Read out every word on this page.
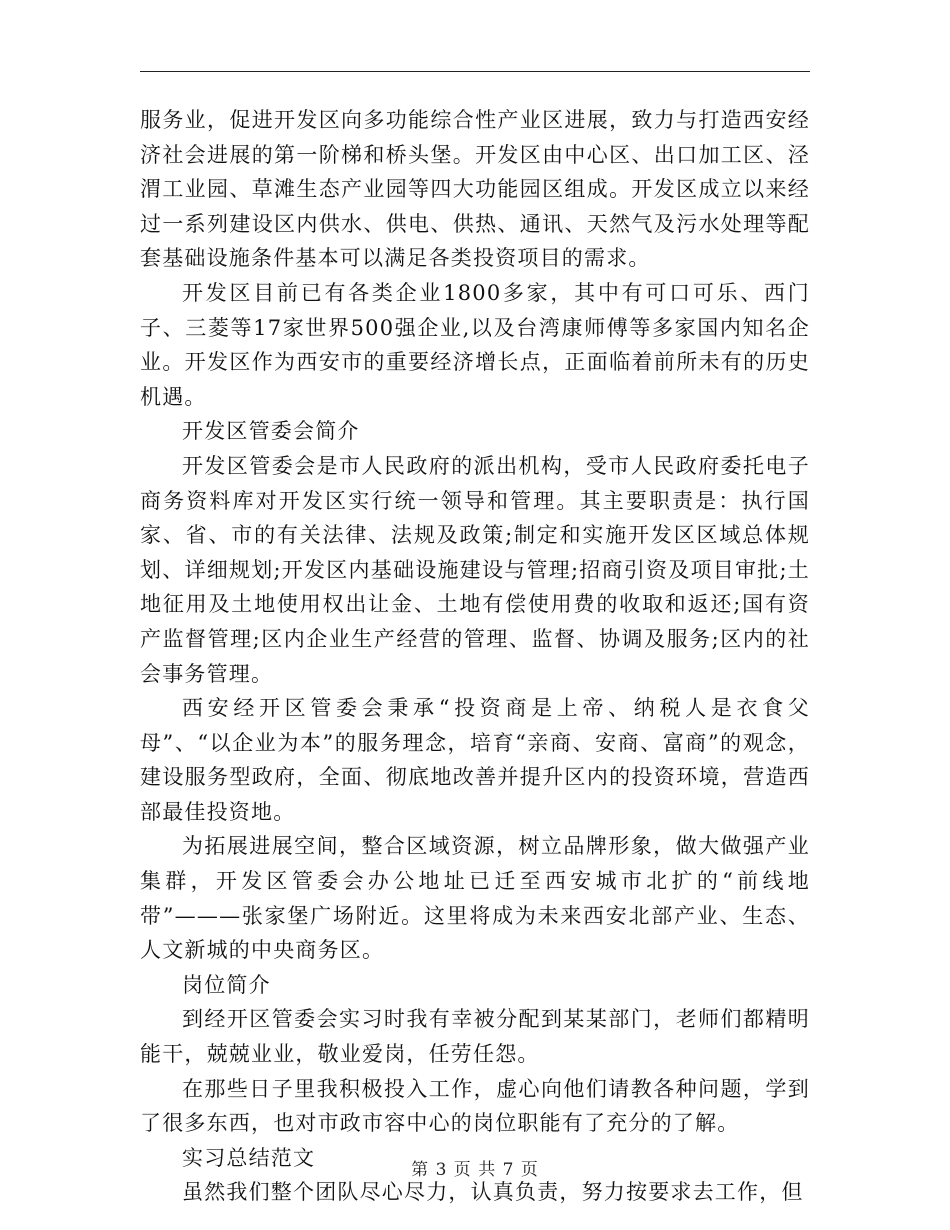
服务业，促进开发区向多功能综合性产业区进展，致力与打造西安经济社会进展的第一阶梯和桥头堡。开发区由中心区、出口加工区、泾渭工业园、草滩生态产业园等四大功能园区组成。开发区成立以来经过一系列建设区内供水、供电、供热、通讯、天然气及污水处理等配套基础设施条件基本可以满足各类投资项目的需求。

开发区目前已有各类企业1800多家，其中有可口可乐、西门子、三菱等17家世界500强企业,以及台湾康师傅等多家国内知名企业。开发区作为西安市的重要经济增长点，正面临着前所未有的历史机遇。

开发区管委会简介

开发区管委会是市人民政府的派出机构，受市人民政府委托电子商务资料库对开发区实行统一领导和管理。其主要职责是：执行国家、省、市的有关法律、法规及政策;制定和实施开发区区域总体规划、详细规划;开发区内基础设施建设与管理;招商引资及项目审批;土地征用及土地使用权出让金、土地有偿使用费的收取和返还;国有资产监督管理;区内企业生产经营的管理、监督、协调及服务;区内的社会事务管理。

西安经开区管委会秉承“投资商是上帝、纳税人是衣食父母”、“以企业为本”的服务理念，培育“亲商、安商、富商”的观念，建设服务型政府，全面、彻底地改善并提升区内的投资环境，营造西部最佳投资地。

为拓展进展空间，整合区域资源，树立品牌形象，做大做强产业集群，开发区管委会办公地址已迁至西安城市北扩的“前线地带”———张家堡广场附近。这里将成为未来西安北部产业、生态、人文新城的中央商务区。

岗位简介

到经开区管委会实习时我有幸被分配到某某部门，老师们都精明能干，兢兢业业，敬业爱岗，任劳任怨。

在那些日子里我积极投入工作，虚心向他们请教各种问题，学到了很多东西，也对市政市容中心的岗位职能有了充分的了解。

实习总结范文

虽然我们整个团队尽心尽力，认真负责，努力按要求去工作，但

第 3 页 共 7 页
